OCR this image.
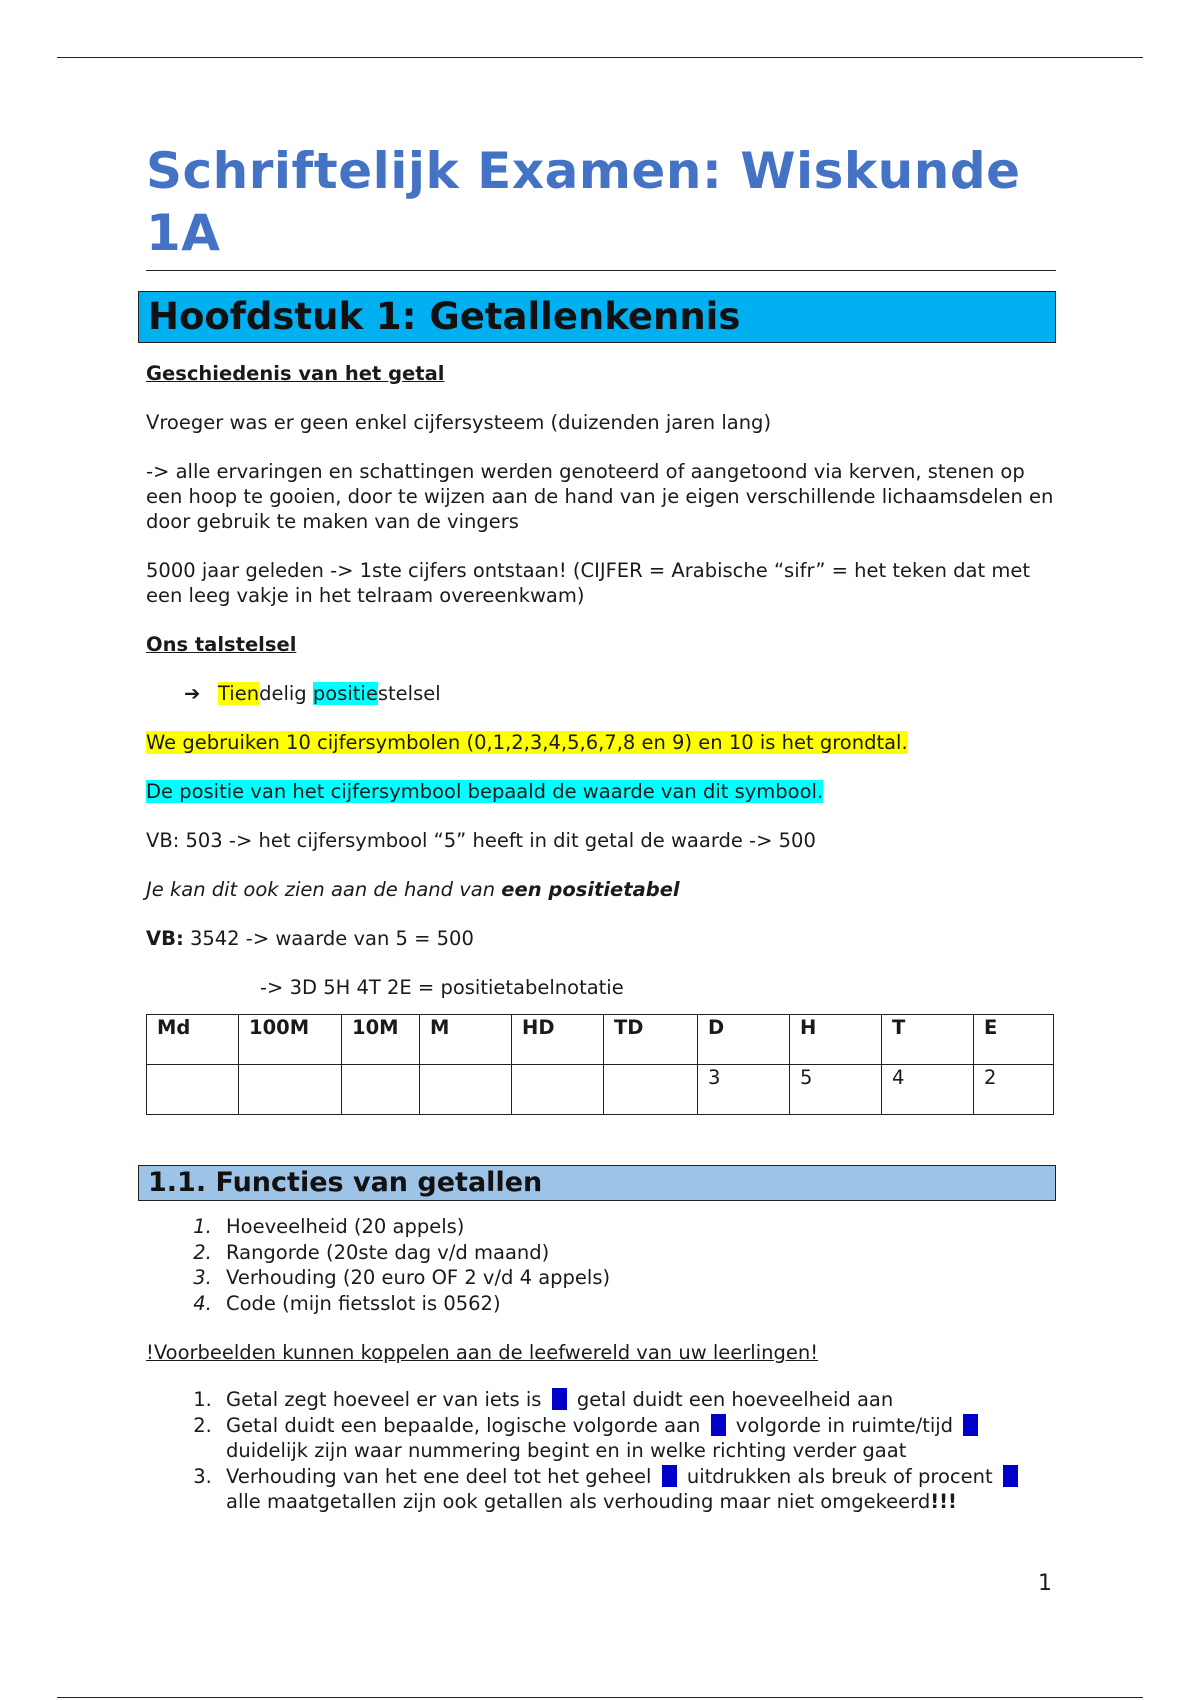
Schriftelijk Examen: Wiskunde 1A
Hoofdstuk 1: Getallenkennis

Geschiedenis van het getal

Vroeger was er geen enkel cijfersysteem (duizenden jaren lang)

-> alle ervaringen en schattingen werden genoteerd of aangetoond via kerven, stenen op een hoop te gooien, door te wijzen aan de hand van je eigen verschillende lichaamsdelen en door gebruik te maken van de vingers

5000 jaar geleden -> 1ste cijfers ontstaan! (CIJFER = Arabische “sifr” = het teken dat met een leeg vakje in het telraam overeenkwam)

Ons talstelsel

➔ Tiendelig positiestelsel

We gebruiken 10 cijfersymbolen (0,1,2,3,4,5,6,7,8 en 9) en 10 is het grondtal.

De positie van het cijfersymbool bepaald de waarde van dit symbool.

VB: 503 -> het cijfersymbool “5” heeft in dit getal de waarde -> 500

Je kan dit ook zien aan de hand van een positietabel

VB: 3542 -> waarde van 5 = 500

-> 3D 5H 4T 2E = positietabelnotatie

Md	100M	10M	M	HD	TD	D	H	T	E
						3	5	4	2
1.1. Functies van getallen
1. Hoeveelheid (20 appels)
2. Rangorde (20ste dag v/d maand)
3. Verhouding (20 euro OF 2 v/d 4 appels)
4. Code (mijn fietsslot is 0562)

!Voorbeelden kunnen koppelen aan de leefwereld van uw leerlingen!

1. Getal zegt hoeveel er van iets is  getal duidt een hoeveelheid aan
2. Getal duidt een bepaalde, logische volgorde aan  volgorde in ruimte/tijd  duidelijk zijn waar nummering begint en in welke richting verder gaat
3. Verhouding van het ene deel tot het geheel  uitdrukken als breuk of procent  alle maatgetallen zijn ook getallen als verhouding maar niet omgekeerd!!!
1
